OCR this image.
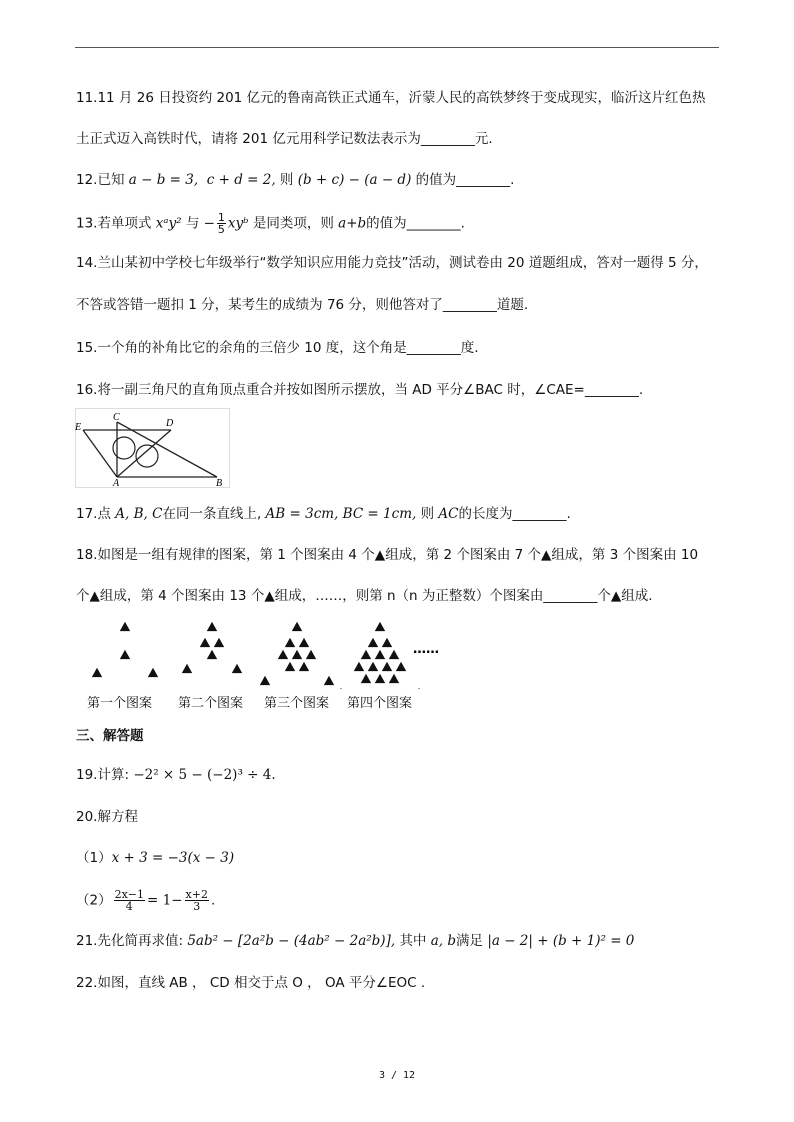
11.11 月 26 日投资约 201 亿元的鲁南高铁正式通车，沂蒙人民的高铁梦终于变成现实，临沂这片红色热
土正式迈入高铁时代，请将 201 亿元用科学记数法表示为________元.
12.已知 a − b = 3, c + d = 2, 则 (b + c) − (a − d) 的值为________.
13.若单项式 xᵃy² 与 − $\frac{1}{5}$ xyᵇ 是同类项，则 a+b的值为________.
14.兰山某初中学校七年级举行“数学知识应用能力竞技”活动，测试卷由 20 道题组成，答对一题得 5 分，
不答或答错一题扣 1 分，某考生的成绩为 76 分，则他答对了________道题.
15.一个角的补角比它的余角的三倍少 10 度，这个角是________度.
16.将一副三角尺的直角顶点重合并按如图所示摆放，当 AD 平分∠BAC 时，∠CAE=________.
E
C
D
A	B
17.点 A, B, C在同一条直线上, AB = 3cm, BC = 1cm, 则 AC的长度为________.
18.如图是一组有规律的图案，第 1 个图案由 4 个▲组成，第 2 个图案由 7 个▲组成，第 3 个图案由 10
个▲组成，第 4 个图案由 13 个▲组成，……，则第 n（n 为正整数）个图案由________个▲组成.
……
第一个图案 第二个图案 第三个图案 第四个图案
三、解答题
19.计算: −2² × 5 − (−2)³ ÷ 4.
20.解方程
（1）x + 3 = −3(x − 3)
$(2) \frac{2x-1}{4} = 1- \frac{x+2}{3}$ .
21.先化简再求值: 5ab² − [2a²b − (4ab² − 2a²b)], 其中 a, b满足 |a − 2| + (b + 1)² = 0
22.如图，直线 AB ， CD 相交于点 O ， OA 平分∠EOC .
3 / 12
